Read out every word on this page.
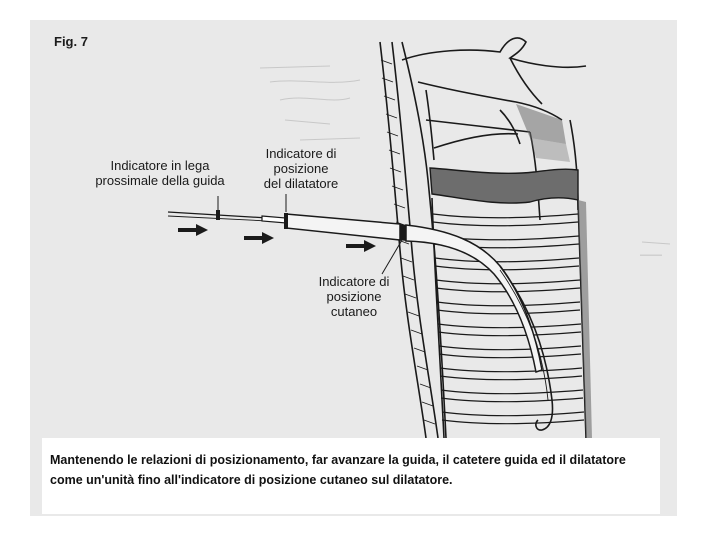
——
Fig. 7
Indicatore in lega
prossimale della guida
Indicatore di
posizione
del dilatatore
Indicatore di
posizione
cutaneo
Mantenendo le relazioni di posizionamento, far avanzare la guida, il catetere guida ed il dilatatore come un'unità fino all'indicatore di posizione cutaneo sul dilatatore.
